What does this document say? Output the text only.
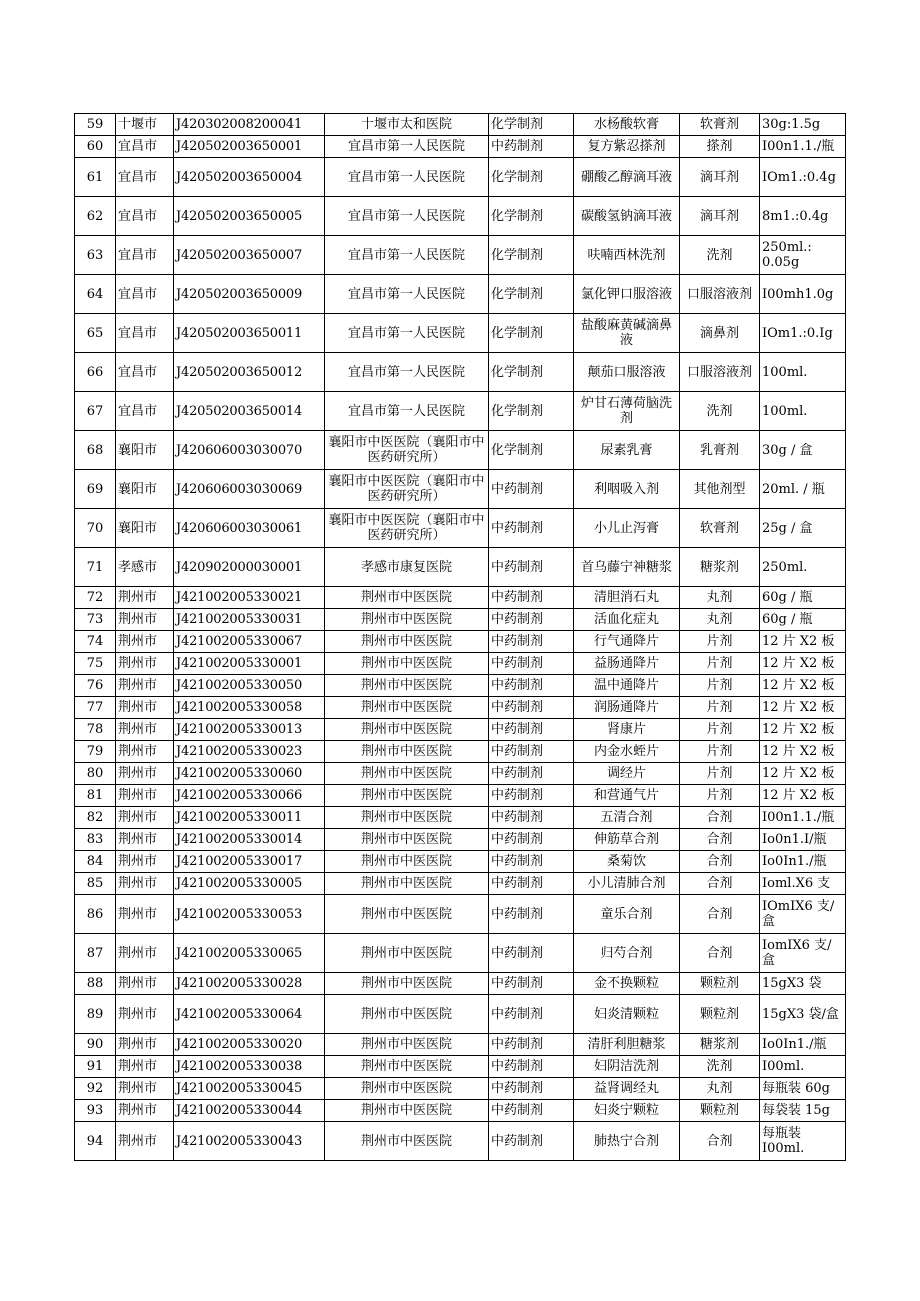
59	十堰市	J420302008200041	十堰市太和医院	化学制剂	水杨酸软膏	软膏剂	30g:1.5g
60	宜昌市	J420502003650001	宜昌市第一人民医院	中药制剂	复方紫忍搽剂	搽剂	I00n1.1./瓶
61	宜昌市	J420502003650004	宜昌市第一人民医院	化学制剂	硼酸乙醇滴耳液	滴耳剂	IOm1.:0.4g
62	宜昌市	J420502003650005	宜昌市第一人民医院	化学制剂	碳酸氢钠滴耳液	滴耳剂	8m1.:0.4g
63	宜昌市	J420502003650007	宜昌市第一人民医院	化学制剂	呋喃西林洗剂	洗剂	250ml.: 0.05g
64	宜昌市	J420502003650009	宜昌市第一人民医院	化学制剂	氯化钾口服溶液	口服溶液剂	I00mh1.0g
65	宜昌市	J420502003650011	宜昌市第一人民医院	化学制剂	盐酸麻黄碱滴鼻液	滴鼻剂	IOm1.:0.Ig
66	宜昌市	J420502003650012	宜昌市第一人民医院	化学制剂	颠茄口服溶液	口服溶液剂	100ml.
67	宜昌市	J420502003650014	宜昌市第一人民医院	化学制剂	炉甘石薄荷脑洗剂	洗剂	100ml.
68	襄阳市	J420606003030070	襄阳市中医医院（襄阳市中医药研究所）	化学制剂	尿素乳膏	乳膏剂	30g / 盒
69	襄阳市	J420606003030069	襄阳市中医医院（襄阳市中医药研究所）	中药制剂	利咽吸入剂	其他剂型	20ml. / 瓶
70	襄阳市	J420606003030061	襄阳市中医医院（襄阳市中医药研究所）	中药制剂	小儿止泻膏	软膏剂	25g / 盒
71	孝感市	J420902000030001	孝感市康复医院	中药制剂	首乌藤宁神糖浆	糖浆剂	250ml.
72	荆州市	J421002005330021	荆州市中医医院	中药制剂	清胆消石丸	丸剂	60g / 瓶
73	荆州市	J421002005330031	荆州市中医医院	中药制剂	活血化症丸	丸剂	60g / 瓶
74	荆州市	J421002005330067	荆州市中医医院	中药制剂	行气通降片	片剂	12 片 X2 板
75	荆州市	J421002005330001	荆州市中医医院	中药制剂	益肠通降片	片剂	12 片 X2 板
76	荆州市	J421002005330050	荆州市中医医院	中药制剂	温中通降片	片剂	12 片 X2 板
77	荆州市	J421002005330058	荆州市中医医院	中药制剂	润肠通降片	片剂	12 片 X2 板
78	荆州市	J421002005330013	荆州市中医医院	中药制剂	肾康片	片剂	12 片 X2 板
79	荆州市	J421002005330023	荆州市中医医院	中药制剂	内金水蛭片	片剂	12 片 X2 板
80	荆州市	J421002005330060	荆州市中医医院	中药制剂	调经片	片剂	12 片 X2 板
81	荆州市	J421002005330066	荆州市中医医院	中药制剂	和营通气片	片剂	12 片 X2 板
82	荆州市	J421002005330011	荆州市中医医院	中药制剂	五清合剂	合剂	I00n1.1./瓶
83	荆州市	J421002005330014	荆州市中医医院	中药制剂	伸筋草合剂	合剂	Io0n1.I/瓶
84	荆州市	J421002005330017	荆州市中医医院	中药制剂	桑菊饮	合剂	Io0In1./瓶
85	荆州市	J421002005330005	荆州市中医医院	中药制剂	小儿清肺合剂	合剂	Ioml.X6 支
86	荆州市	J421002005330053	荆州市中医医院	中药制剂	童乐合剂	合剂	IOmIX6 支/盒
87	荆州市	J421002005330065	荆州市中医医院	中药制剂	归芍合剂	合剂	IomIX6 支/盒
88	荆州市	J421002005330028	荆州市中医医院	中药制剂	金不换颗粒	颗粒剂	15gX3 袋
89	荆州市	J421002005330064	荆州市中医医院	中药制剂	妇炎清颗粒	颗粒剂	15gX3 袋/盒
90	荆州市	J421002005330020	荆州市中医医院	中药制剂	清肝利胆糖浆	糖浆剂	Io0In1./瓶
91	荆州市	J421002005330038	荆州市中医医院	中药制剂	妇阴洁洗剂	洗剂	I00ml.
92	荆州市	J421002005330045	荆州市中医医院	中药制剂	益肾调经丸	丸剂	每瓶装 60g
93	荆州市	J421002005330044	荆州市中医医院	中药制剂	妇炎宁颗粒	颗粒剂	每袋装 15g
94	荆州市	J421002005330043	荆州市中医医院	中药制剂	肺热宁合剂	合剂	每瓶装 I00ml.
